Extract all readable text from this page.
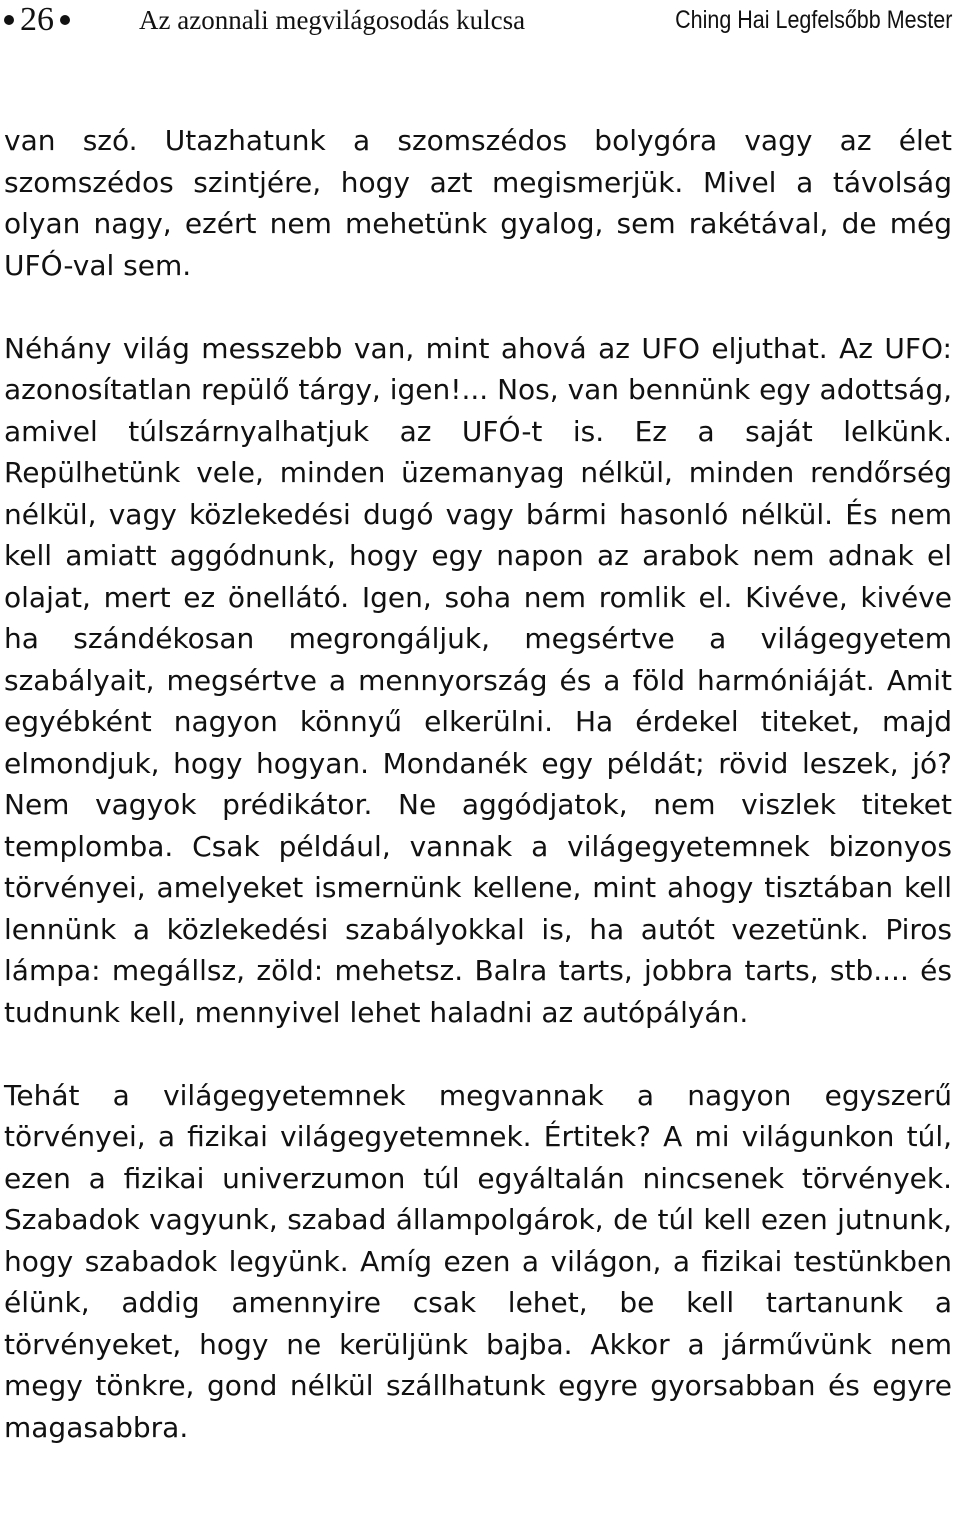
26	Az azonnali megvilágosodás kulcsa	Ching Hai Legfelsőbb Mester

van szó. Utazhatunk a szomszédos bolygóra vagy az élet szomszédos szintjére, hogy azt megismerjük. Mivel a távolság olyan nagy, ezért nem mehetünk gyalog, sem rakétával, de még UFÓ-val sem.

Néhány világ messzebb van, mint ahová az UFO eljuthat. Az UFO: azonosítatlan repülő tárgy, igen!... Nos, van bennünk egy adottság, amivel túlszárnyalhatjuk az UFÓ-t is. Ez a saját lelkünk. Repülhetünk vele, minden üzemanyag nélkül, minden rendőrség nélkül, vagy közlekedési dugó vagy bármi hasonló nélkül. És nem kell amiatt aggódnunk, hogy egy napon az arabok nem adnak el olajat, mert ez önellátó. Igen, soha nem romlik el. Kivéve, kivéve ha szándékosan megrongáljuk, megsértve a világegyetem szabályait, megsértve a mennyország és a föld harmóniáját. Amit egyébként nagyon könnyű elkerülni. Ha érdekel titeket, majd elmondjuk, hogy hogyan. Mondanék egy példát; rövid leszek, jó? Nem vagyok prédikátor. Ne aggódjatok, nem viszlek titeket templomba. Csak például, vannak a világegyetemnek bizonyos törvényei, amelyeket ismernünk kellene, mint ahogy tisztában kell lennünk a közlekedési szabályokkal is, ha autót vezetünk. Piros lámpa: megállsz, zöld: mehetsz. Balra tarts, jobbra tarts, stb.... és tudnunk kell, mennyivel lehet haladni az autópályán.

Tehát a világegyetemnek megvannak a nagyon egyszerű törvényei, a fizikai világegyetemnek. Értitek? A mi világunkon túl, ezen a fizikai univerzumon túl egyáltalán nincsenek törvények. Szabadok vagyunk, szabad állampolgárok, de túl kell ezen jutnunk, hogy szabadok legyünk. Amíg ezen a világon, a fizikai testünkben élünk, addig amennyire csak lehet, be kell tartanunk a törvényeket, hogy ne kerüljünk bajba. Akkor a járművünk nem megy tönkre, gond nélkül szállhatunk egyre gyorsabban és egyre magasabbra.
